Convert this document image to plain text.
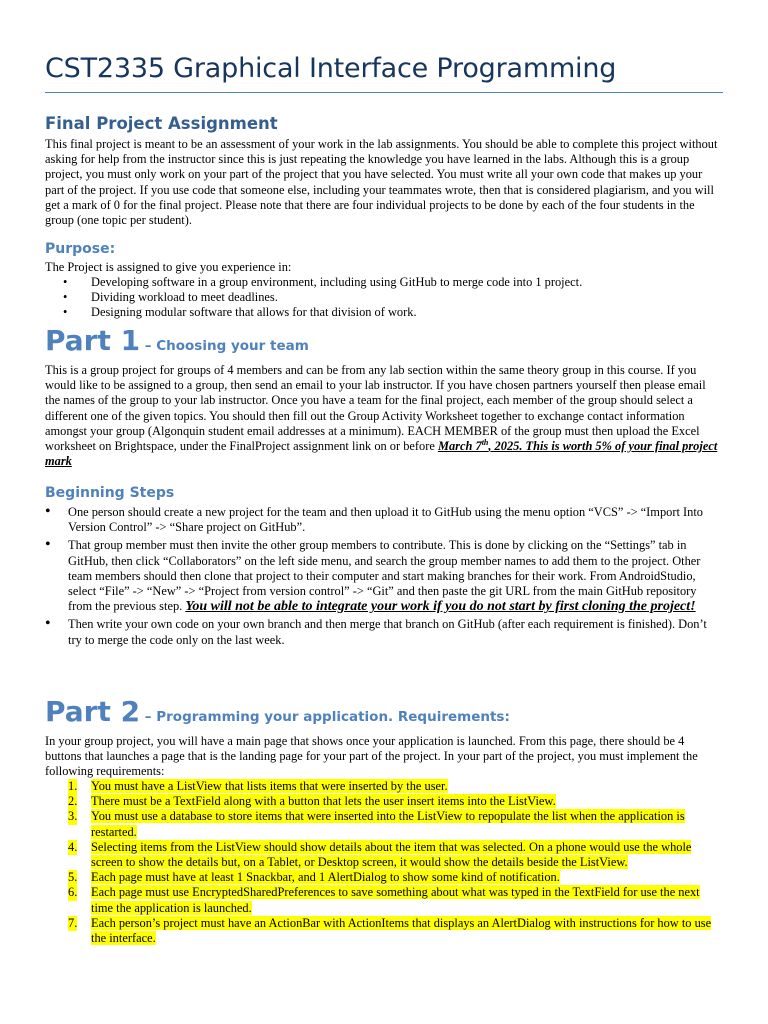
CST2335 Graphical Interface Programming
Final Project Assignment
This final project is meant to be an assessment of your work in the lab assignments. You should be able to complete this project without asking for help from the instructor since this is just repeating the knowledge you have learned in the labs. Although this is a group project, you must only work on your part of the project that you have selected. You must write all your own code that makes up your part of the project. If you use code that someone else, including your teammates wrote, then that is considered plagiarism, and you will get a mark of 0 for the final project. Please note that there are four individual projects to be done by each of the four students in the group (one topic per student).
Purpose:
The Project is assigned to give you experience in:
• Developing software in a group environment, including using GitHub to merge code into 1 project.
• Dividing workload to meet deadlines.
• Designing modular software that allows for that division of work.
Part 1 – Choosing your team
This is a group project for groups of 4 members and can be from any lab section within the same theory group in this course. If you would like to be assigned to a group, then send an email to your lab instructor. If you have chosen partners yourself then please email the names of the group to your lab instructor. Once you have a team for the final project, each member of the group should select a different one of the given topics. You should then fill out the Group Activity Worksheet together to exchange contact information amongst your group (Algonquin student email addresses at a minimum). EACH MEMBER of the group must then upload the Excel worksheet on Brightspace, under the FinalProject assignment link on or before March 7th, 2025. This is worth 5% of your final project mark
Beginning Steps
• One person should create a new project for the team and then upload it to GitHub using the menu option “VCS” -> “Import Into Version Control” -> “Share project on GitHub”.
• That group member must then invite the other group members to contribute. This is done by clicking on the “Settings” tab in GitHub, then click “Collaborators” on the left side menu, and search the group member names to add them to the project. Other team members should then clone that project to their computer and start making branches for their work. From AndroidStudio, select “File” -> “New” -> “Project from version control” -> “Git” and then paste the git URL from the main GitHub repository from the previous step. You will not be able to integrate your work if you do not start by first cloning the project!
• Then write your own code on your own branch and then merge that branch on GitHub (after each requirement is finished). Don’t try to merge the code only on the last week.
Part 2 – Programming your application. Requirements:
In your group project, you will have a main page that shows once your application is launched. From this page, there should be 4 buttons that launches a page that is the landing page for your part of the project. In your part of the project, you must implement the following requirements:
1. You must have a ListView that lists items that were inserted by the user.
2. There must be a TextField along with a button that lets the user insert items into the ListView.
3. You must use a database to store items that were inserted into the ListView to repopulate the list when the application is restarted.
4. Selecting items from the ListView should show details about the item that was selected. On a phone would use the whole screen to show the details but, on a Tablet, or Desktop screen, it would show the details beside the ListView.
5. Each page must have at least 1 Snackbar, and 1 AlertDialog to show some kind of notification.
6. Each page must use EncryptedSharedPreferences to save something about what was typed in the TextField for use the next time the application is launched.
7. Each person’s project must have an ActionBar with ActionItems that displays an AlertDialog with instructions for how to use the interface.
